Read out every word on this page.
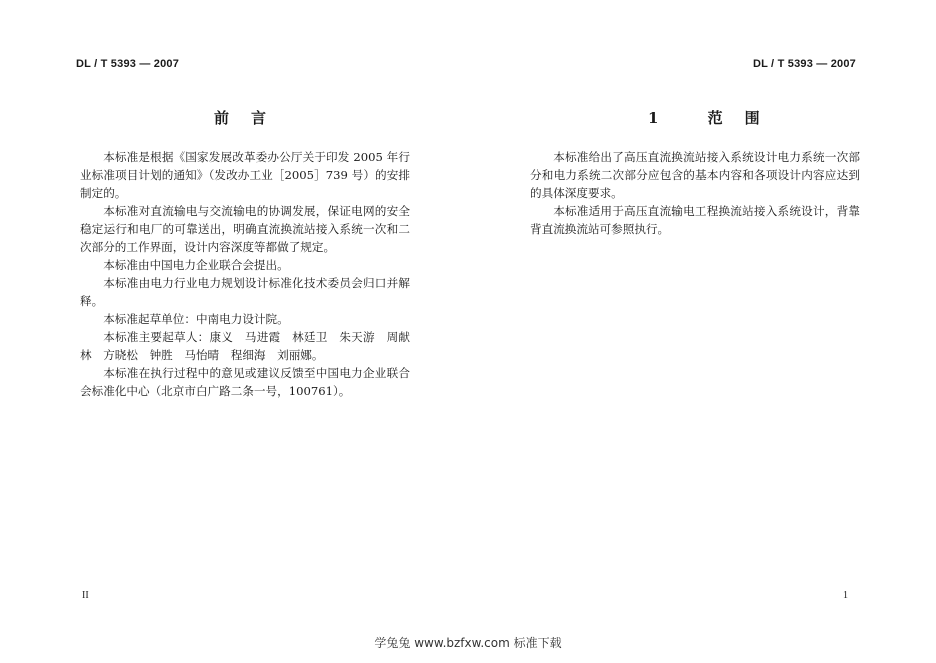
DL / T 5393 — 2007
前言

本标准是根据《国家发展改革委办公厅关于印发 2005 年行业标准项目计划的通知》（发改办工业［2005］739 号）的安排制定的。

本标准对直流输电与交流输电的协调发展，保证电网的安全稳定运行和电厂的可靠送出，明确直流换流站接入系统一次和二次部分的工作界面，设计内容深度等都做了规定。

本标准由中国电力企业联合会提出。

本标准由电力行业电力规划设计标准化技术委员会归口并解释。

本标准起草单位：中南电力设计院。

本标准主要起草人：康义　马进霞　林廷卫　朱天游　周献林　方晓松　钟胜　马怡晴　程细海　刘丽娜。

本标准在执行过程中的意见或建议反馈至中国电力企业联合会标准化中心（北京市白广路二条一号，100761）。

II
DL / T 5393 — 2007
1 范围

本标准给出了高压直流换流站接入系统设计电力系统一次部分和电力系统二次部分应包含的基本内容和各项设计内容应达到的具体深度要求。

本标准适用于高压直流输电工程换流站接入系统设计，背靠背直流换流站可参照执行。

1
学兔兔 www.bzfxw.com 标准下载
